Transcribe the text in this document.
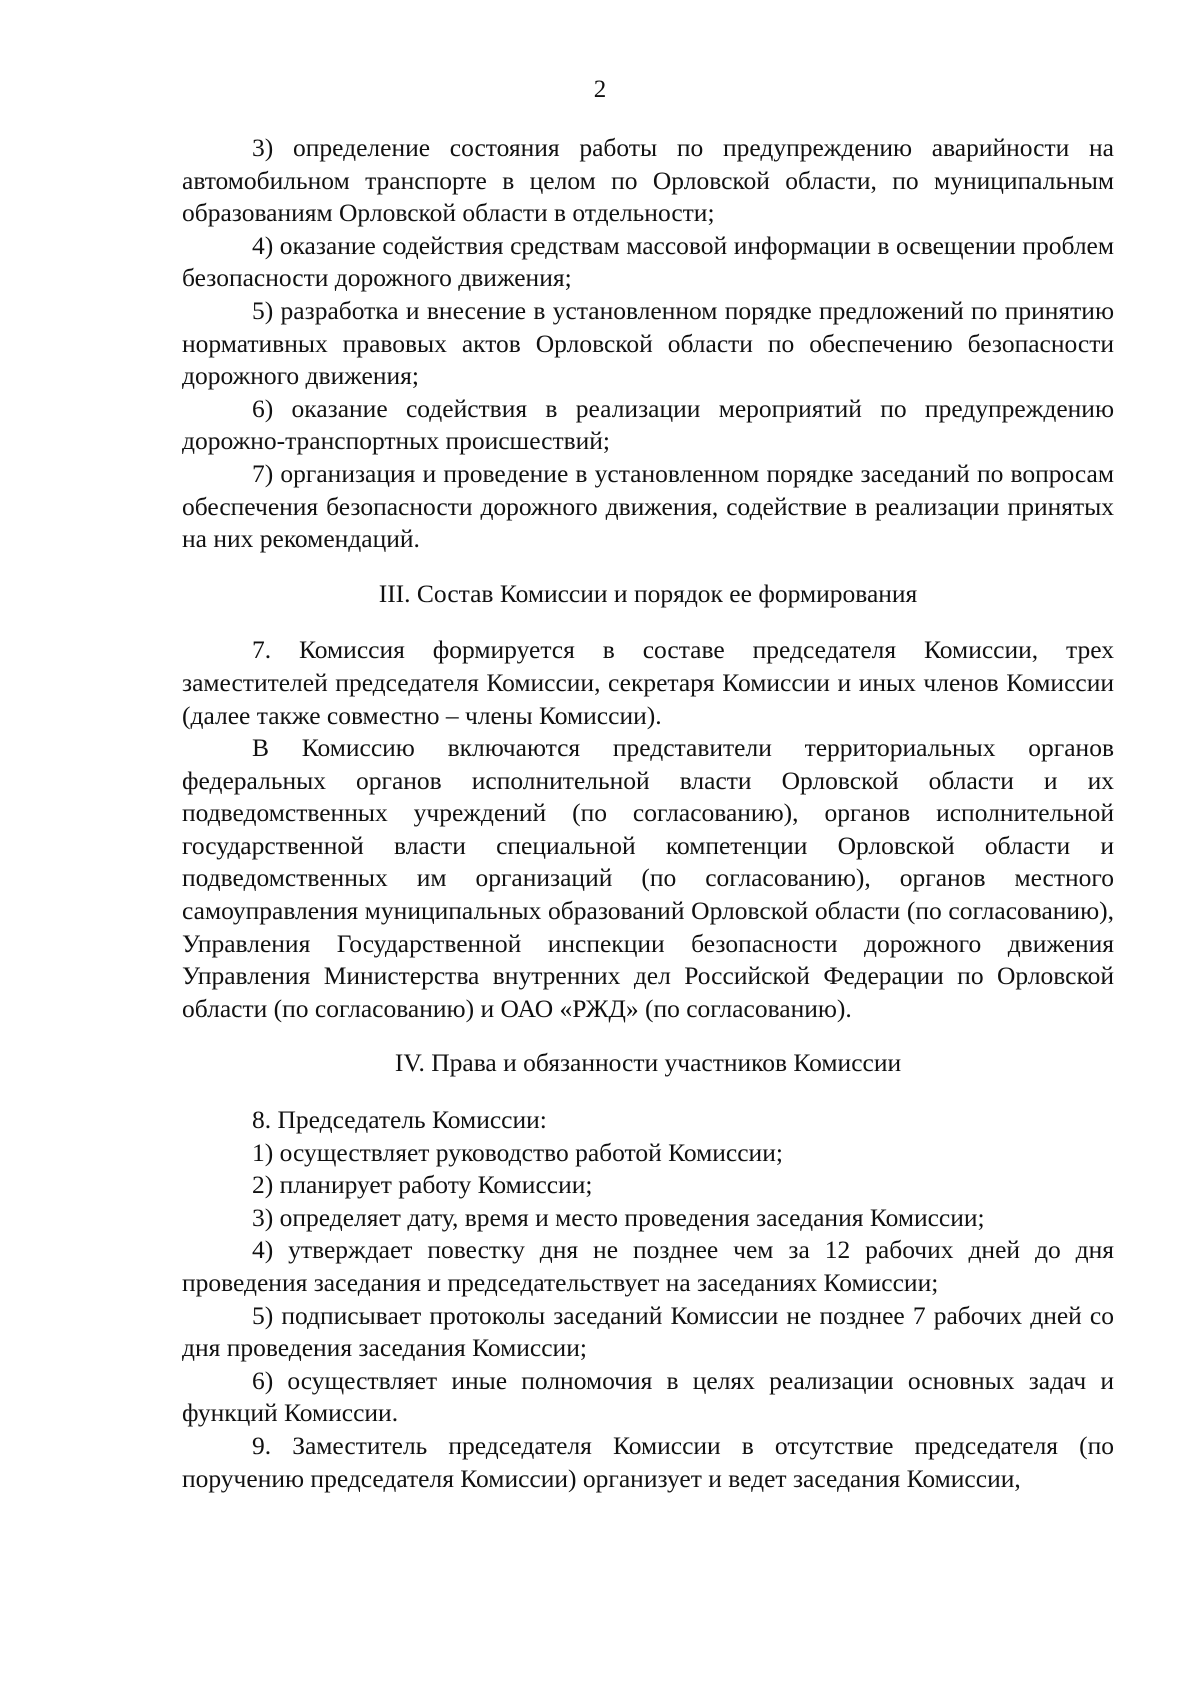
2

3) определение состояния работы по предупреждению аварийности на автомобильном транспорте в целом по Орловской области, по муниципальным образованиям Орловской области в отдельности;

4) оказание содействия средствам массовой информации в освещении проблем безопасности дорожного движения;

5) разработка и внесение в установленном порядке предложений по принятию нормативных правовых актов Орловской области по обеспечению безопасности дорожного движения;

6) оказание содействия в реализации мероприятий по предупреждению дорожно-транспортных происшествий;

7) организация и проведение в установленном порядке заседаний по вопросам обеспечения безопасности дорожного движения, содействие в реализации принятых на них рекомендаций.

III. Состав Комиссии и порядок ее формирования

7. Комиссия формируется в составе председателя Комиссии, трех заместителей председателя Комиссии, секретаря Комиссии и иных членов Комиссии (далее также совместно – члены Комиссии).

В Комиссию включаются представители территориальных органов федеральных органов исполнительной власти Орловской области и их подведомственных учреждений (по согласованию), органов исполнительной государственной власти специальной компетенции Орловской области и подведомственных им организаций (по согласованию), органов местного самоуправления муниципальных образований Орловской области (по согласованию), Управления Государственной инспекции безопасности дорожного движения Управления Министерства внутренних дел Российской Федерации по Орловской области (по согласованию) и ОАО «РЖД» (по согласованию).

IV. Права и обязанности участников Комиссии

8. Председатель Комиссии:

1) осуществляет руководство работой Комиссии;

2) планирует работу Комиссии;

3) определяет дату, время и место проведения заседания Комиссии;

4) утверждает повестку дня не позднее чем за 12 рабочих дней до дня проведения заседания и председательствует на заседаниях Комиссии;

5) подписывает протоколы заседаний Комиссии не позднее 7 рабочих дней со дня проведения заседания Комиссии;

6) осуществляет иные полномочия в целях реализации основных задач и функций Комиссии.

9. Заместитель председателя Комиссии в отсутствие председателя (по поручению председателя Комиссии) организует и ведет заседания Комиссии,
